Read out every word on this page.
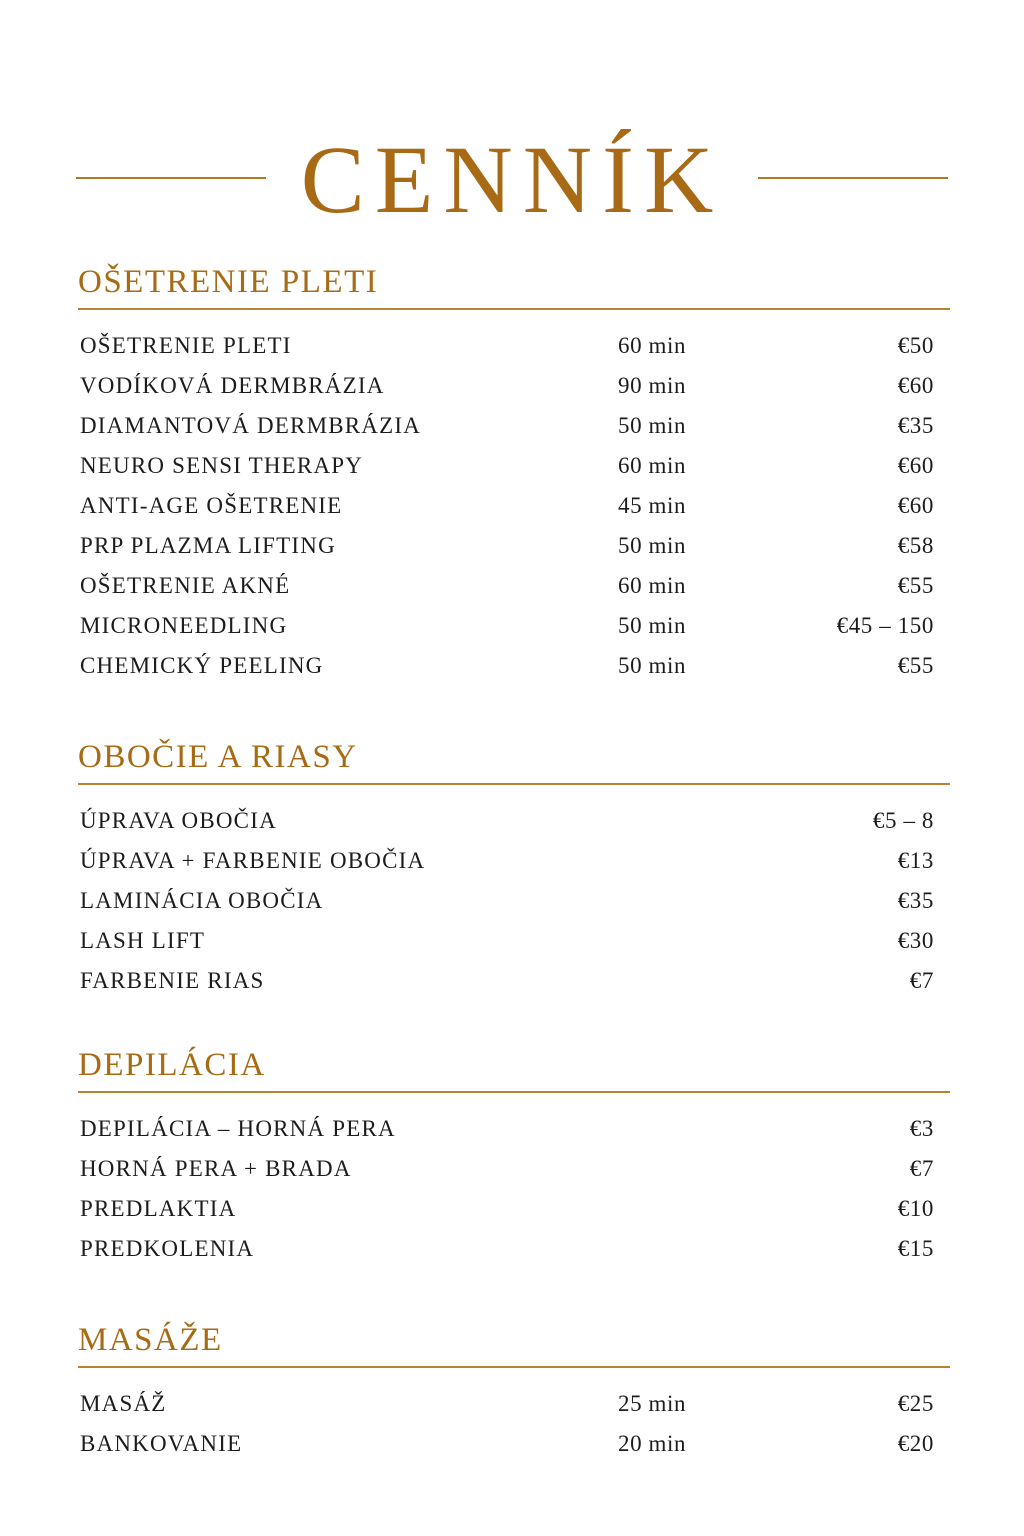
CENNÍK
OŠETRENIE PLETI
OŠETRENIE PLETI	60 min	€50
VODÍKOVÁ DERMBRÁZIA	90 min	€60
DIAMANTOVÁ DERMBRÁZIA	50 min	€35
NEURO SENSI THERAPY	60 min	€60
ANTI-AGE OŠETRENIE	45 min	€60
PRP PLAZMA LIFTING	50 min	€58
OŠETRENIE AKNÉ	60 min	€55
MICRONEEDLING	50 min	€45 – 150
CHEMICKÝ PEELING	50 min	€55
OBOČIE A RIASY
ÚPRAVA OBOČIA	€5 – 8
ÚPRAVA + FARBENIE OBOČIA	€13
LAMINÁCIA OBOČIA	€35
LASH LIFT	€30
FARBENIE RIAS	€7
DEPILÁCIA
DEPILÁCIA – HORNÁ PERA	€3
HORNÁ PERA + BRADA	€7
PREDLAKTIA	€10
PREDKOLENIA	€15
MASÁŽE
MASÁŽ	25 min	€25
BANKOVANIE	20 min	€20
